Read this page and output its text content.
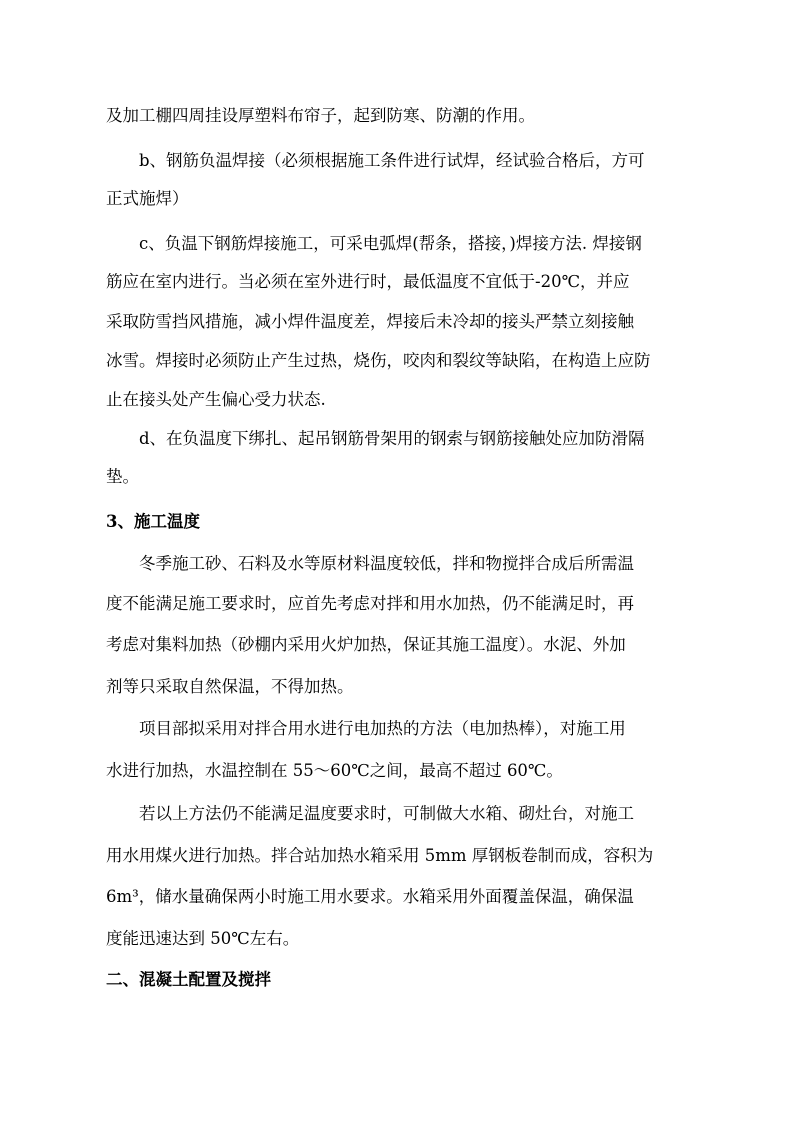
及加工棚四周挂设厚塑料布帘子，起到防寒、防潮的作用。
b、钢筋负温焊接（必须根据施工条件进行试焊，经试验合格后，方可
正式施焊）
c、负温下钢筋焊接施工，可采电弧焊(帮条，搭接，)焊接方法. 焊接钢
筋应在室内进行。当必须在室外进行时，最低温度不宜低于-20℃，并应
采取防雪挡风措施，减小焊件温度差，焊接后未冷却的接头严禁立刻接触
冰雪。焊接时必须防止产生过热，烧伤，咬肉和裂纹等缺陷，在构造上应防
止在接头处产生偏心受力状态.
d、在负温度下绑扎、起吊钢筋骨架用的钢索与钢筋接触处应加防滑隔
垫。
3、施工温度
冬季施工砂、石料及水等原材料温度较低，拌和物搅拌合成后所需温
度不能满足施工要求时，应首先考虑对拌和用水加热，仍不能满足时，再
考虑对集料加热（砂棚内采用火炉加热，保证其施工温度）。水泥、外加
剂等只采取自然保温，不得加热。
项目部拟采用对拌合用水进行电加热的方法（电加热棒），对施工用
水进行加热，水温控制在 55～60℃之间，最高不超过 60℃。
若以上方法仍不能满足温度要求时，可制做大水箱、砌灶台，对施工
用水用煤火进行加热。拌合站加热水箱采用 5mm 厚钢板卷制而成，容积为
6m³，储水量确保两小时施工用水要求。水箱采用外面覆盖保温，确保温
度能迅速达到 50℃左右。
二、混凝土配置及搅拌
